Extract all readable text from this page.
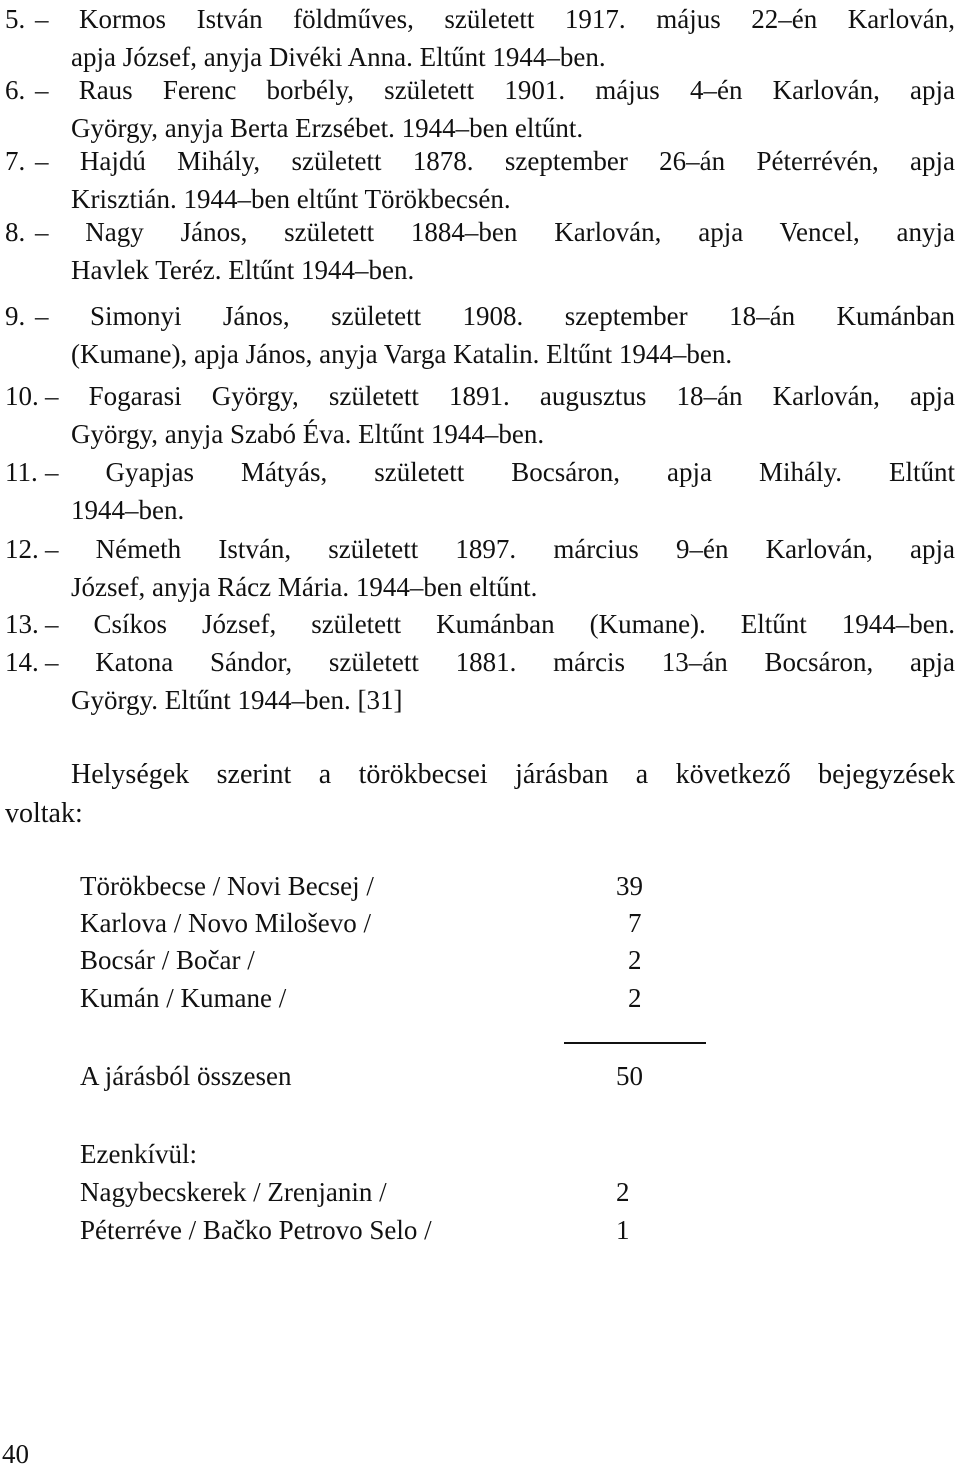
5. – Kormos István földműves, született 1917. május 22–én Karlován,
apja József, anyja Divéki Anna. Eltűnt 1944–ben.
6. – Raus Ferenc borbély, született 1901. május 4–én Karlován, apja
György, anyja Berta Erzsébet. 1944–ben eltűnt.
7. – Hajdú Mihály, született 1878. szeptember 26–án Péterrévén, apja
Krisztián. 1944–ben eltűnt Törökbecsén.
8. – Nagy János, született 1884–ben Karlován, apja Vencel, anyja
Havlek Teréz. Eltűnt 1944–ben.
9. – Simonyi János, született 1908. szeptember 18–án Kumánban
(Kumane), apja János, anyja Varga Katalin. Eltűnt 1944–ben.
10. – Fogarasi György, született 1891. augusztus 18–án Karlován, apja
György, anyja Szabó Éva. Eltűnt 1944–ben.
11. – Gyapjas Mátyás, született Bocsáron, apja Mihály. Eltűnt
1944–ben.
12. – Németh István, született 1897. március 9–én Karlován, apja
József, anyja Rácz Mária. 1944–ben eltűnt.
13. – Csíkos József, született Kumánban (Kumane). Eltűnt 1944–ben.
14. – Katona Sándor, született 1881. márcis 13–án Bocsáron, apja
György. Eltűnt 1944–ben. [31]
Helységek szerint a törökbecsei járásban a következő bejegyzések
voltak:
Törökbecse / Novi Becsej /	39
Karlova / Novo Miloševo /	7
Bocsár / Bočar /	2
Kumán / Kumane /	2
A járásból összesen	50
Ezenkívül:
Nagybecskerek / Zrenjanin /	2
Péterréve / Bačko Petrovo Selo /	1
40
